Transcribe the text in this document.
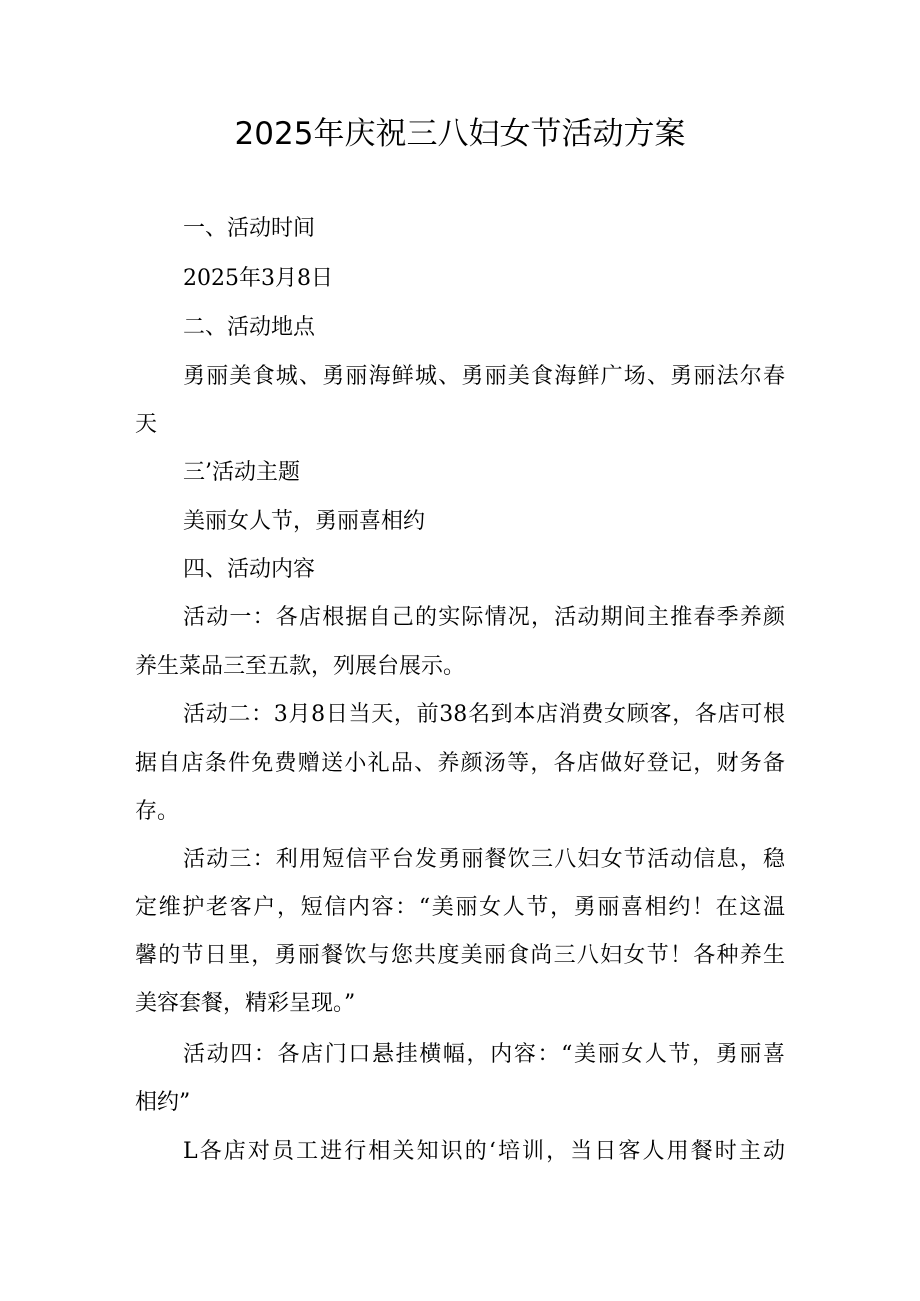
2025年庆祝三八妇女节活动方案
一、活动时间
2025年3月8日
二、活动地点
勇丽美食城、勇丽海鲜城、勇丽美食海鲜广场、勇丽法尔春
天
三’活动主题
美丽女人节，勇丽喜相约
四、活动内容
活动一：各店根据自己的实际情况，活动期间主推春季养颜
养生菜品三至五款，列展台展示。
活动二：3月8日当天，前38名到本店消费女顾客，各店可根
据自店条件免费赠送小礼品、养颜汤等，各店做好登记，财务备
存。
活动三：利用短信平台发勇丽餐饮三八妇女节活动信息，稳
定维护老客户，短信内容：“美丽女人节，勇丽喜相约！在这温
馨的节日里，勇丽餐饮与您共度美丽食尚三八妇女节！各种养生
美容套餐，精彩呈现。”
活动四：各店门口悬挂横幅，内容：“美丽女人节，勇丽喜
相约”
L各店对员工进行相关知识的‘培训，当日客人用餐时主动
